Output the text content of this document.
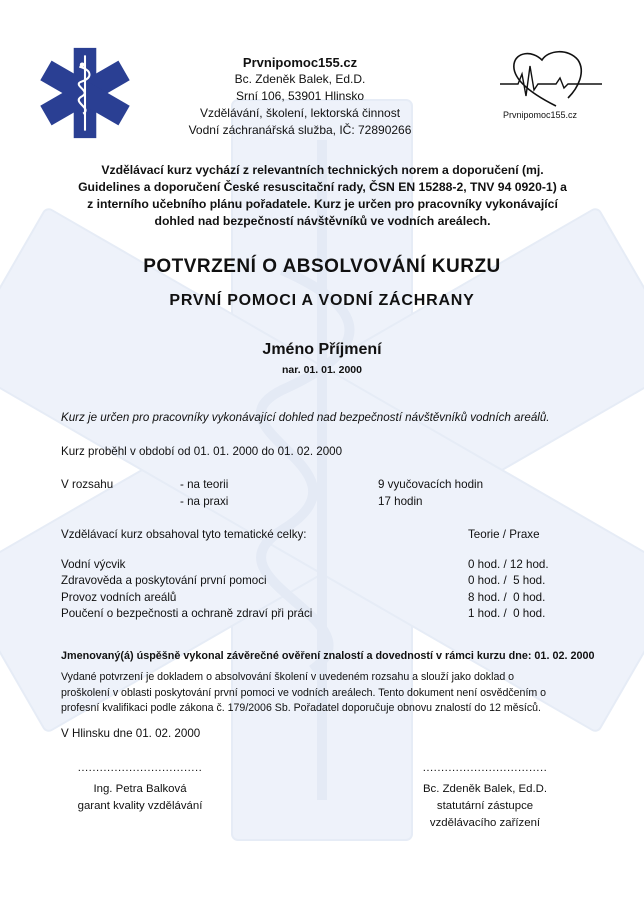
Prvnipomoc155.cz
Bc. Zdeněk Balek, Ed.D.
Srní 106, 53901 Hlinsko
Vzdělávání, školení, lektorská činnost
Vodní záchranářská služba, IČ: 72890266
Prvnipomoc155.cz
Vzdělávací kurz vychází z relevantních technických norem a doporučení (mj.
Guidelines a doporučení České resuscitační rady, ČSN EN 15288-2, TNV 94 0920-1) a
z interního učebního plánu pořadatele. Kurz je určen pro pracovníky vykonávající
dohled nad bezpečností návštěvníků ve vodních areálech.
POTVRZENÍ O ABSOLVOVÁNÍ KURZU
PRVNÍ POMOCI A VODNÍ ZÁCHRANY
Jméno Příjmení
nar. 01. 01. 2000
Kurz je určen pro pracovníky vykonávající dohled nad bezpečností návštěvníků vodních areálů.
Kurz proběhl v období od 01. 01. 2000 do 01. 02. 2000
V rozsahu	- na teorii	9 vyučovacích hodin
- na praxi	17 hodin
Vzdělávací kurz obsahoval tyto tematické celky:	Teorie / Praxe
Vodní výcvik	0 hod. / 12 hod.
Zdravověda a poskytování první pomoci	0 hod. /  5 hod.
Provoz vodních areálů	8 hod. /  0 hod.
Poučení o bezpečnosti a ochraně zdraví při práci	1 hod. /  0 hod.
Jmenovaný(á) úspěšně vykonal závěrečné ověření znalostí a dovedností v rámci kurzu dne: 01. 02. 2000
Vydané potvrzení je dokladem o absolvování školení v uvedeném rozsahu a slouží jako doklad o
proškolení v oblasti poskytování první pomoci ve vodních areálech. Tento dokument není osvědčením o
profesní kvalifikaci podle zákona č. 179/2006 Sb. Pořadatel doporučuje obnovu znalostí do 12 měsíců.
V Hlinsku dne 01. 02. 2000
..................................
Ing. Petra Balková
garant kvality vzdělávání
..................................
Bc. Zdeněk Balek, Ed.D.
statutární zástupce
vzdělávacího zařízení
